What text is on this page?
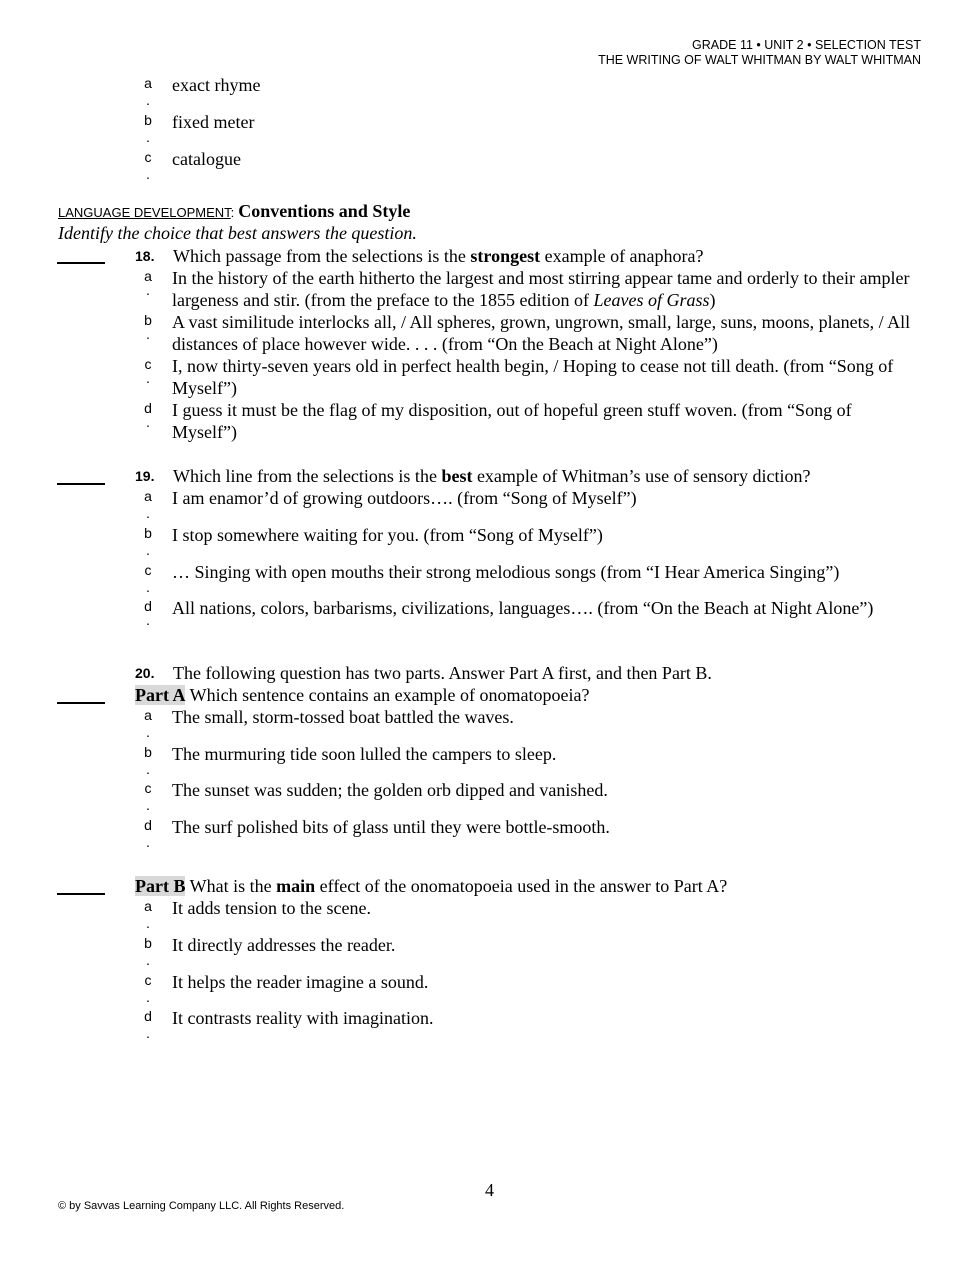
GRADE 11 • UNIT 2 • SELECTION TEST
THE WRITING OF WALT WHITMAN BY WALT WHITMAN
a
.
exact rhyme
b
.
fixed meter
c
.
catalogue
LANGUAGE DEVELOPMENT: Conventions and Style
Identify the choice that best answers the question.
18. Which passage from the selections is the strongest example of anaphora?
a
·
In the history of the earth hitherto the largest and most stirring appear tame and orderly to their ampler largeness and stir. (from the preface to the 1855 edition of Leaves of Grass)
b
·
A vast similitude interlocks all, / All spheres, grown, ungrown, small, large, suns, moons, planets, / All distances of place however wide. . . . (from “On the Beach at Night Alone”)
c
·
I, now thirty-seven years old in perfect health begin, / Hoping to cease not till death. (from “Song of Myself”)
d
·
I guess it must be the flag of my disposition, out of hopeful green stuff woven. (from “Song of Myself”)
19. Which line from the selections is the best example of Whitman’s use of sensory diction?
a
.
I am enamor’d of growing outdoors…. (from “Song of Myself”)
b
.
I stop somewhere waiting for you. (from “Song of Myself”)
c
.
… Singing with open mouths their strong melodious songs (from “I Hear America Singing”)
d
·
All nations, colors, barbarisms, civilizations, languages…. (from “On the Beach at Night Alone”)
20. The following question has two parts. Answer Part A first, and then Part B.
Part A Which sentence contains an example of onomatopoeia?
a
.
The small, storm-tossed boat battled the waves.
b
.
The murmuring tide soon lulled the campers to sleep.
c
.
The sunset was sudden; the golden orb dipped and vanished.
d
.
The surf polished bits of glass until they were bottle-smooth.
Part B What is the main effect of the onomatopoeia used in the answer to Part A?
a
.
It adds tension to the scene.
b
.
It directly addresses the reader.
c
.
It helps the reader imagine a sound.
d
.
It contrasts reality with imagination.
4
© by Savvas Learning Company LLC. All Rights Reserved.
